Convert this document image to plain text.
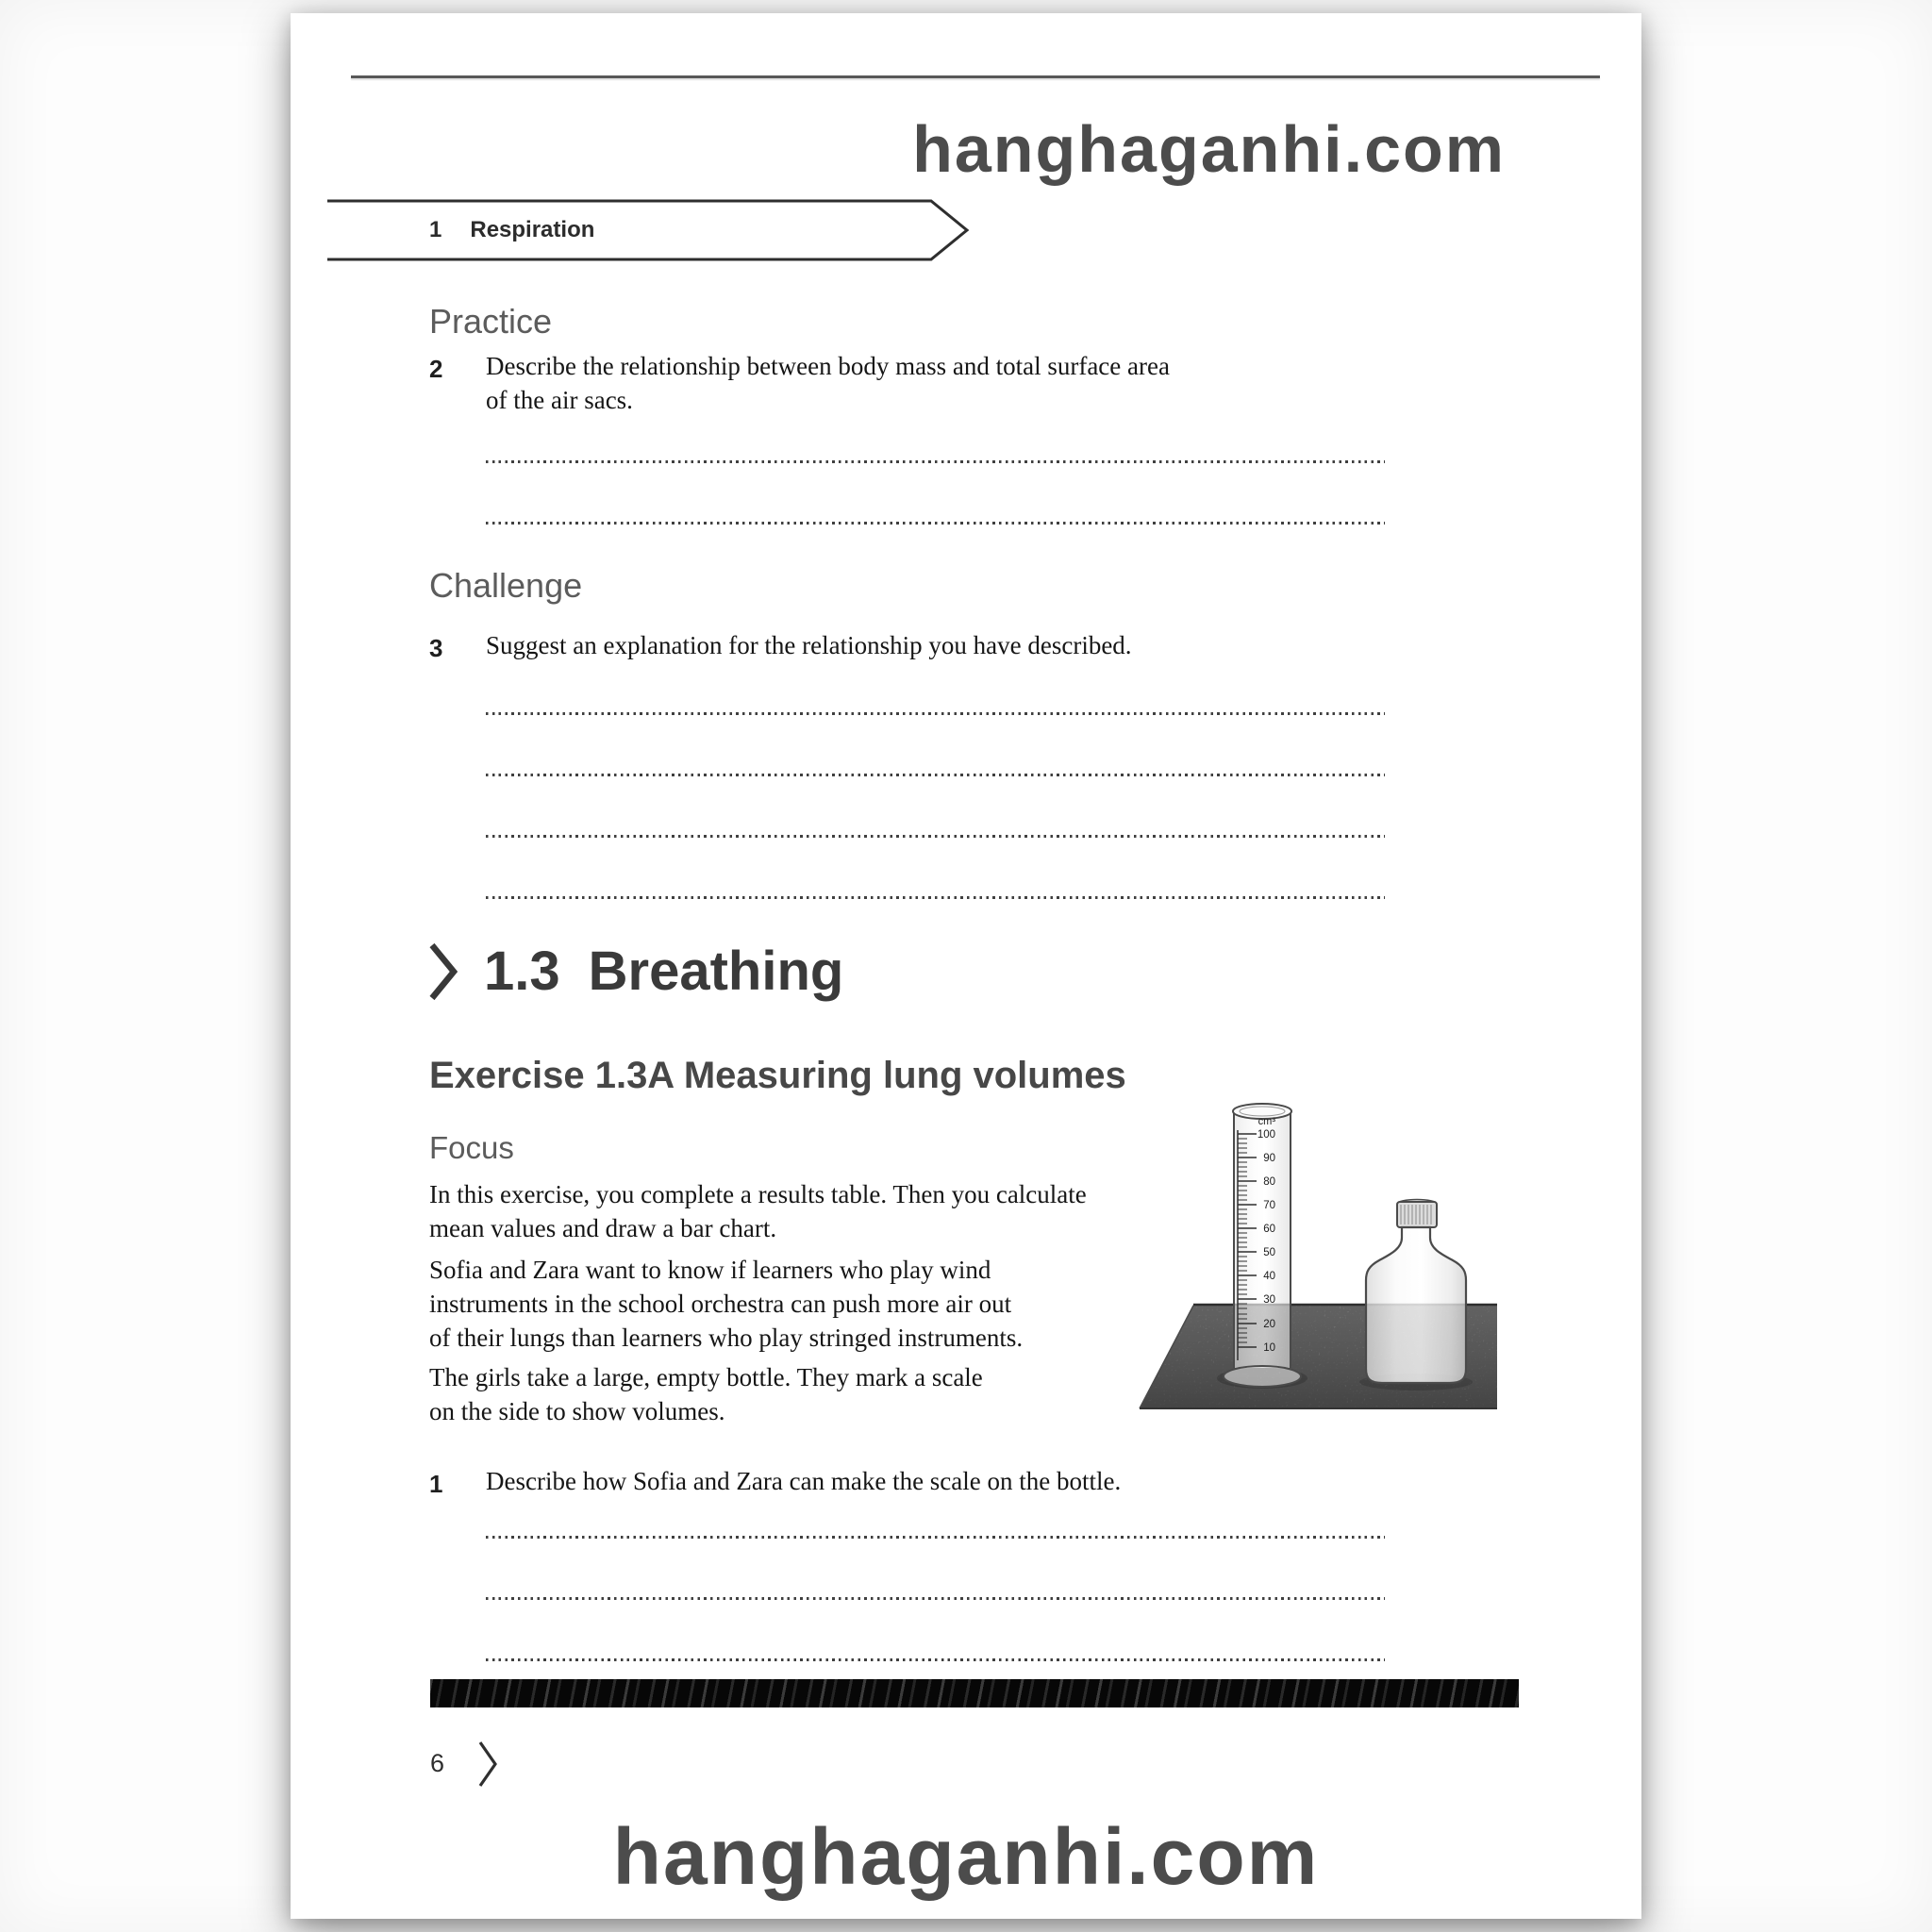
hanghaganhi.com
1 Respiration
Practice
2 Describe the relationship between body mass and total surface area
of the air sacs.
Challenge
3 Suggest an explanation for the relationship you have described.
1.3 Breathing
Exercise 1.3A Measuring lung volumes
Focus
In this exercise, you complete a results table. Then you calculate
mean values and draw a bar chart.
Sofia and Zara want to know if learners who play wind
instruments in the school orchestra can push more air out
of their lungs than learners who play stringed instruments.
The girls take a large, empty bottle. They mark a scale
on the side to show volumes.
cm³
100
90
80
70
60
50
40
30
20
10
1 Describe how Sofia and Zara can make the scale on the bottle.
6
hanghaganhi.com
